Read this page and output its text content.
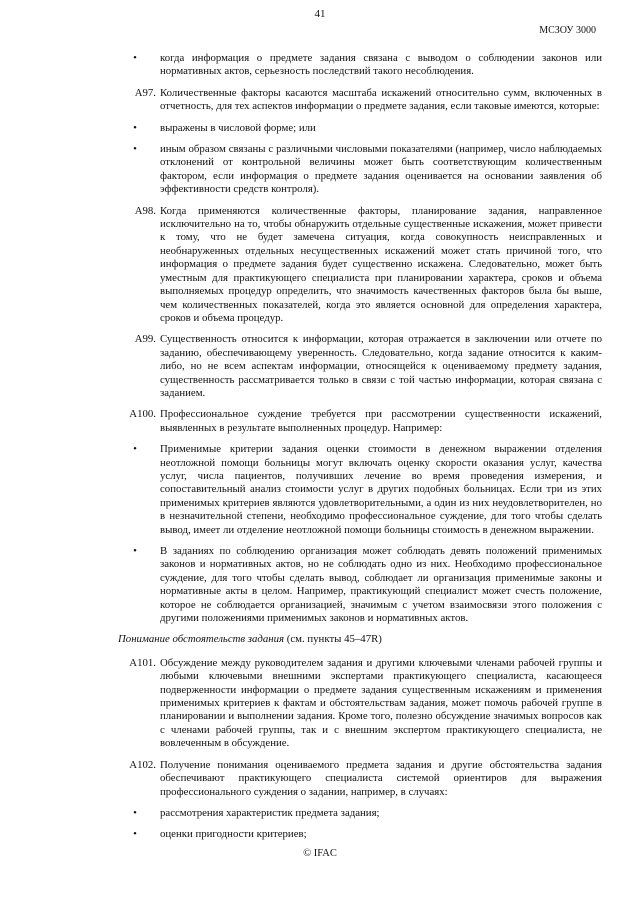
41
МСЗОУ 3000
• когда информация о предмете задания связана с выводом о соблюдении законов или нормативных актов, серьезность последствий такого несоблюдения.
A97. Количественные факторы касаются масштаба искажений относительно сумм, включенных в отчетность, для тех аспектов информации о предмете задания, если таковые имеются, которые:
• выражены в числовой форме; или
• иным образом связаны с различными числовыми показателями (например, число наблюдаемых отклонений от контрольной величины может быть соответствующим количественным фактором, если информация о предмете задания оценивается на основании заявления об эффективности средств контроля).
A98. Когда применяются количественные факторы, планирование задания, направленное исключительно на то, чтобы обнаружить отдельные существенные искажения, может привести к тому, что не будет замечена ситуация, когда совокупность неисправленных и необнаруженных отдельных несущественных искажений может стать причиной того, что информация о предмете задания будет существенно искажена. Следовательно, может быть уместным для практикующего специалиста при планировании характера, сроков и объема выполняемых процедур определить, что значимость качественных факторов была бы выше, чем количественных показателей, когда это является основной для определения характера, сроков и объема процедур.
A99. Существенность относится к информации, которая отражается в заключении или отчете по заданию, обеспечивающему уверенность. Следовательно, когда задание относится к каким-либо, но не всем аспектам информации, относящейся к оцениваемому предмету задания, существенность рассматривается только в связи с той частью информации, которая связана с заданием.
A100. Профессиональное суждение требуется при рассмотрении существенности искажений, выявленных в результате выполненных процедур. Например:
• Применимые критерии задания оценки стоимости в денежном выражении отделения неотложной помощи больницы могут включать оценку скорости оказания услуг, качества услуг, числа пациентов, получивших лечение во время проведения измерения, и сопоставительный анализ стоимости услуг в других подобных больницах. Если три из этих применимых критериев являются удовлетворительными, а один из них неудовлетворителен, но в незначительной степени, необходимо профессиональное суждение, для того чтобы сделать вывод, имеет ли отделение неотложной помощи больницы стоимость в денежном выражении.
• В заданиях по соблюдению организация может соблюдать девять положений применимых законов и нормативных актов, но не соблюдать одно из них. Необходимо профессиональное суждение, для того чтобы сделать вывод, соблюдает ли организация применимые законы и нормативные акты в целом. Например, практикующий специалист может счесть положение, которое не соблюдается организацией, значимым с учетом взаимосвязи этого положения с другими положениями применимых законов и нормативных актов.
Понимание обстоятельств задания (см. пункты 45–47R)
A101. Обсуждение между руководителем задания и другими ключевыми членами рабочей группы и любыми ключевыми внешними экспертами практикующего специалиста, касающееся подверженности информации о предмете задания существенным искажениям и применения применимых критериев к фактам и обстоятельствам задания, может помочь рабочей группе в планировании и выполнении задания. Кроме того, полезно обсуждение значимых вопросов как с членами рабочей группы, так и с внешним экспертом практикующего специалиста, не вовлеченным в обсуждение.
A102. Получение понимания оцениваемого предмета задания и другие обстоятельства задания обеспечивают практикующего специалиста системой ориентиров для выражения профессионального суждения о задании, например, в случаях:
• рассмотрения характеристик предмета задания;
• оценки пригодности критериев;
© IFAC
